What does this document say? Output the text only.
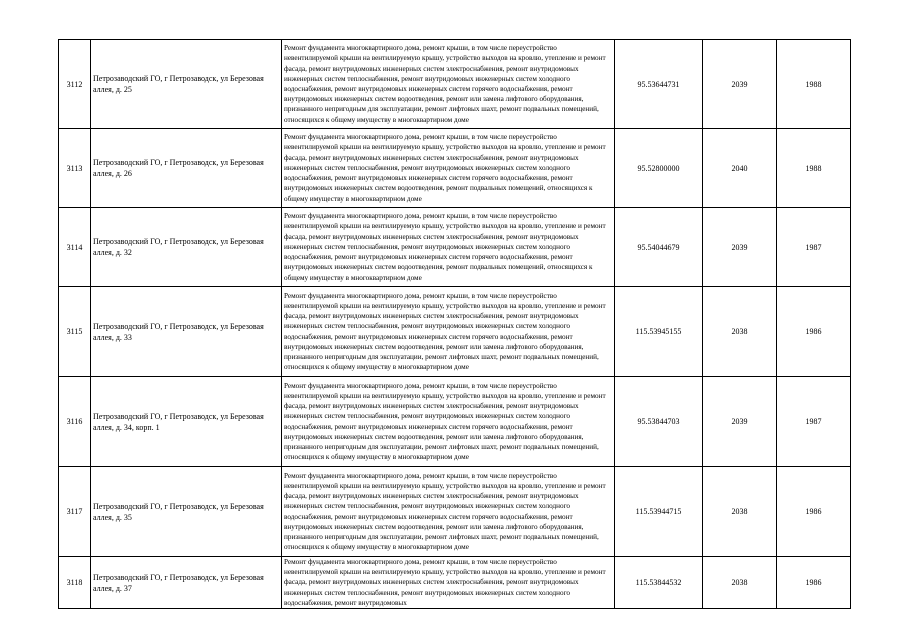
3112	Петрозаводский ГО, г Петрозаводск, ул Березовая аллея, д. 25	Ремонт фундамента многоквартирного дома, ремонт крыши, в том числе переустройство невентилируемой крыши на вентилируемую крышу, устройство выходов на кровлю, утепление и ремонт фасада, ремонт внутридомовых инженерных систем электроснабжения, ремонт внутридомовых инженерных систем теплоснабжения, ремонт внутридомовых инженерных систем холодного водоснабжения, ремонт внутридомовых инженерных систем горячего водоснабжения, ремонт внутридомовых инженерных систем водоотведения, ремонт или замена лифтового оборудования, признанного непригодным для эксплуатации, ремонт лифтовых шахт, ремонт подвальных помещений, относящихся к общему имуществу в многоквартирном доме	95.53644731	2039	1988
3113	Петрозаводский ГО, г Петрозаводск, ул Березовая аллея, д. 26	Ремонт фундамента многоквартирного дома, ремонт крыши, в том числе переустройство невентилируемой крыши на вентилируемую крышу, устройство выходов на кровлю, утепление и ремонт фасада, ремонт внутридомовых инженерных систем электроснабжения, ремонт внутридомовых инженерных систем теплоснабжения, ремонт внутридомовых инженерных систем холодного водоснабжения, ремонт внутридомовых инженерных систем горячего водоснабжения, ремонт внутридомовых инженерных систем водоотведения, ремонт подвальных помещений, относящихся к общему имуществу в многоквартирном доме	95.52800000	2040	1988
3114	Петрозаводский ГО, г Петрозаводск, ул Березовая аллея, д. 32	Ремонт фундамента многоквартирного дома, ремонт крыши, в том числе переустройство невентилируемой крыши на вентилируемую крышу, устройство выходов на кровлю, утепление и ремонт фасада, ремонт внутридомовых инженерных систем электроснабжения, ремонт внутридомовых инженерных систем теплоснабжения, ремонт внутридомовых инженерных систем холодного водоснабжения, ремонт внутридомовых инженерных систем горячего водоснабжения, ремонт внутридомовых инженерных систем водоотведения, ремонт подвальных помещений, относящихся к общему имуществу в многоквартирном доме	95.54044679	2039	1987
3115	Петрозаводский ГО, г Петрозаводск, ул Березовая аллея, д. 33	Ремонт фундамента многоквартирного дома, ремонт крыши, в том числе переустройство невентилируемой крыши на вентилируемую крышу, устройство выходов на кровлю, утепление и ремонт фасада, ремонт внутридомовых инженерных систем электроснабжения, ремонт внутридомовых инженерных систем теплоснабжения, ремонт внутридомовых инженерных систем холодного водоснабжения, ремонт внутридомовых инженерных систем горячего водоснабжения, ремонт внутридомовых инженерных систем водоотведения, ремонт или замена лифтового оборудования, признанного непригодным для эксплуатации, ремонт лифтовых шахт, ремонт подвальных помещений, относящихся к общему имуществу в многоквартирном доме	115.53945155	2038	1986
3116	Петрозаводский ГО, г Петрозаводск, ул Березовая аллея, д. 34, корп. 1	Ремонт фундамента многоквартирного дома, ремонт крыши, в том числе переустройство невентилируемой крыши на вентилируемую крышу, устройство выходов на кровлю, утепление и ремонт фасада, ремонт внутридомовых инженерных систем электроснабжения, ремонт внутридомовых инженерных систем теплоснабжения, ремонт внутридомовых инженерных систем холодного водоснабжения, ремонт внутридомовых инженерных систем горячего водоснабжения, ремонт внутридомовых инженерных систем водоотведения, ремонт или замена лифтового оборудования, признанного непригодным для эксплуатации, ремонт лифтовых шахт, ремонт подвальных помещений, относящихся к общему имуществу в многоквартирном доме	95.53844703	2039	1987
3117	Петрозаводский ГО, г Петрозаводск, ул Березовая аллея, д. 35	Ремонт фундамента многоквартирного дома, ремонт крыши, в том числе переустройство невентилируемой крыши на вентилируемую крышу, устройство выходов на кровлю, утепление и ремонт фасада, ремонт внутридомовых инженерных систем электроснабжения, ремонт внутридомовых инженерных систем теплоснабжения, ремонт внутридомовых инженерных систем холодного водоснабжения, ремонт внутридомовых инженерных систем горячего водоснабжения, ремонт внутридомовых инженерных систем водоотведения, ремонт или замена лифтового оборудования, признанного непригодным для эксплуатации, ремонт лифтовых шахт, ремонт подвальных помещений, относящихся к общему имуществу в многоквартирном доме	115.53944715	2038	1986
3118	Петрозаводский ГО, г Петрозаводск, ул Березовая аллея, д. 37	Ремонт фундамента многоквартирного дома, ремонт крыши, в том числе переустройство невентилируемой крыши на вентилируемую крышу, устройство выходов на кровлю, утепление и ремонт фасада, ремонт внутридомовых инженерных систем электроснабжения, ремонт внутридомовых инженерных систем теплоснабжения, ремонт внутридомовых инженерных систем холодного водоснабжения, ремонт внутридомовых	115.53844532	2038	1986
